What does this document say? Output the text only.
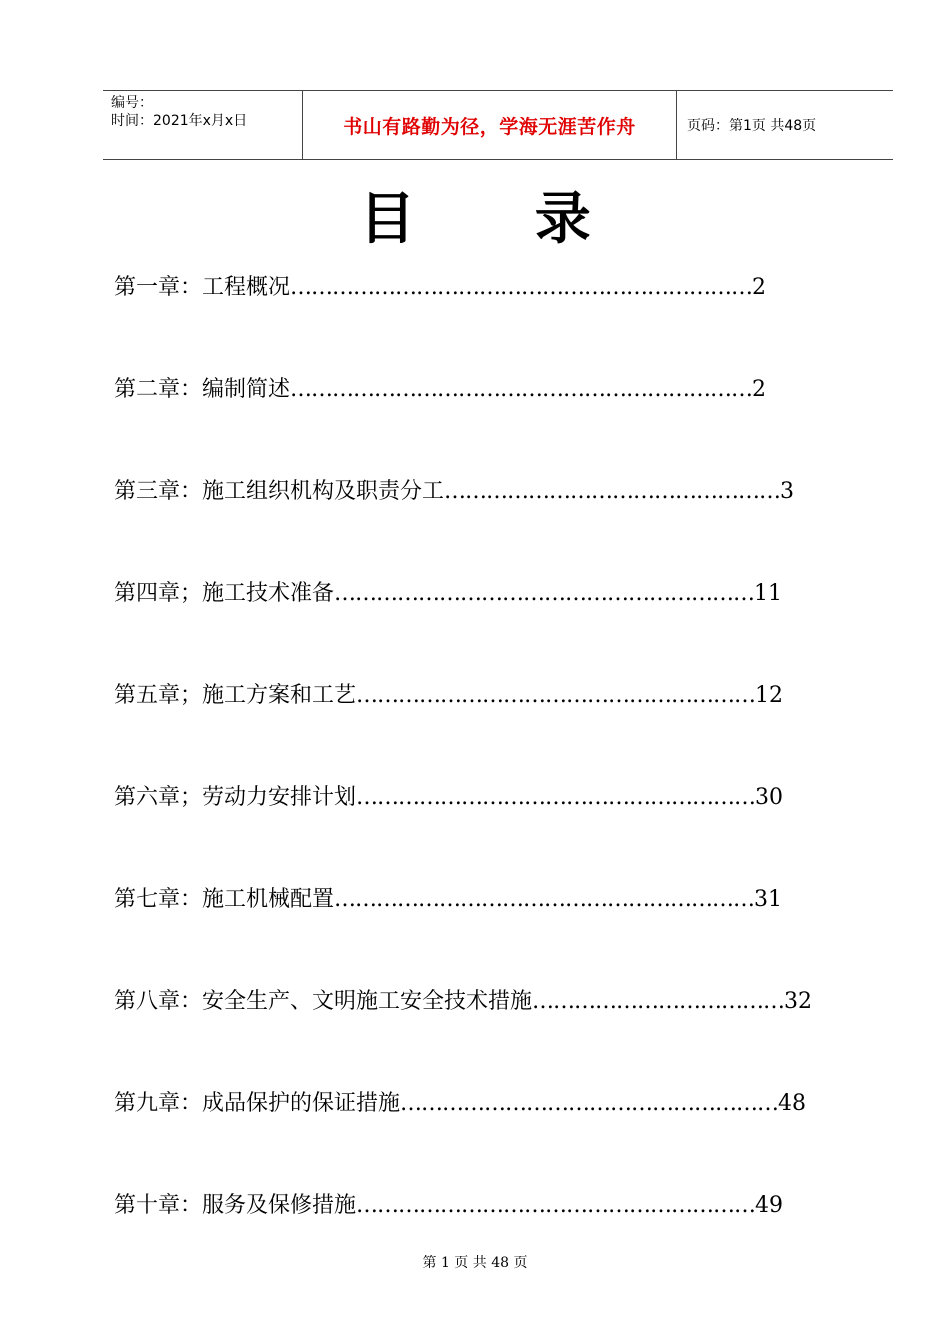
编号：
时间：2021年x月x日	书山有路勤为径，学海无涯苦作舟	页码：第1页 共48页
目 录
第一章：工程概况 ………………………………………………………… 2
第二章：编制简述 ………………………………………………………… 2
第三章：施工组织机构及职责分工 ………………………………………… 3
第四章；施工技术准备 …………………………………………………… 11
第五章；施工方案和工艺 ………………………………………………… 12
第六章；劳动力安排计划 ………………………………………………… 30
第七章：施工机械配置 …………………………………………………… 31
第八章：安全生产、文明施工安全技术措施 ……………………………… 32
第九章：成品保护的保证措施 ……………………………………………… 48
第十章：服务及保修措施 ………………………………………………… 49
第 1 页 共 48 页
